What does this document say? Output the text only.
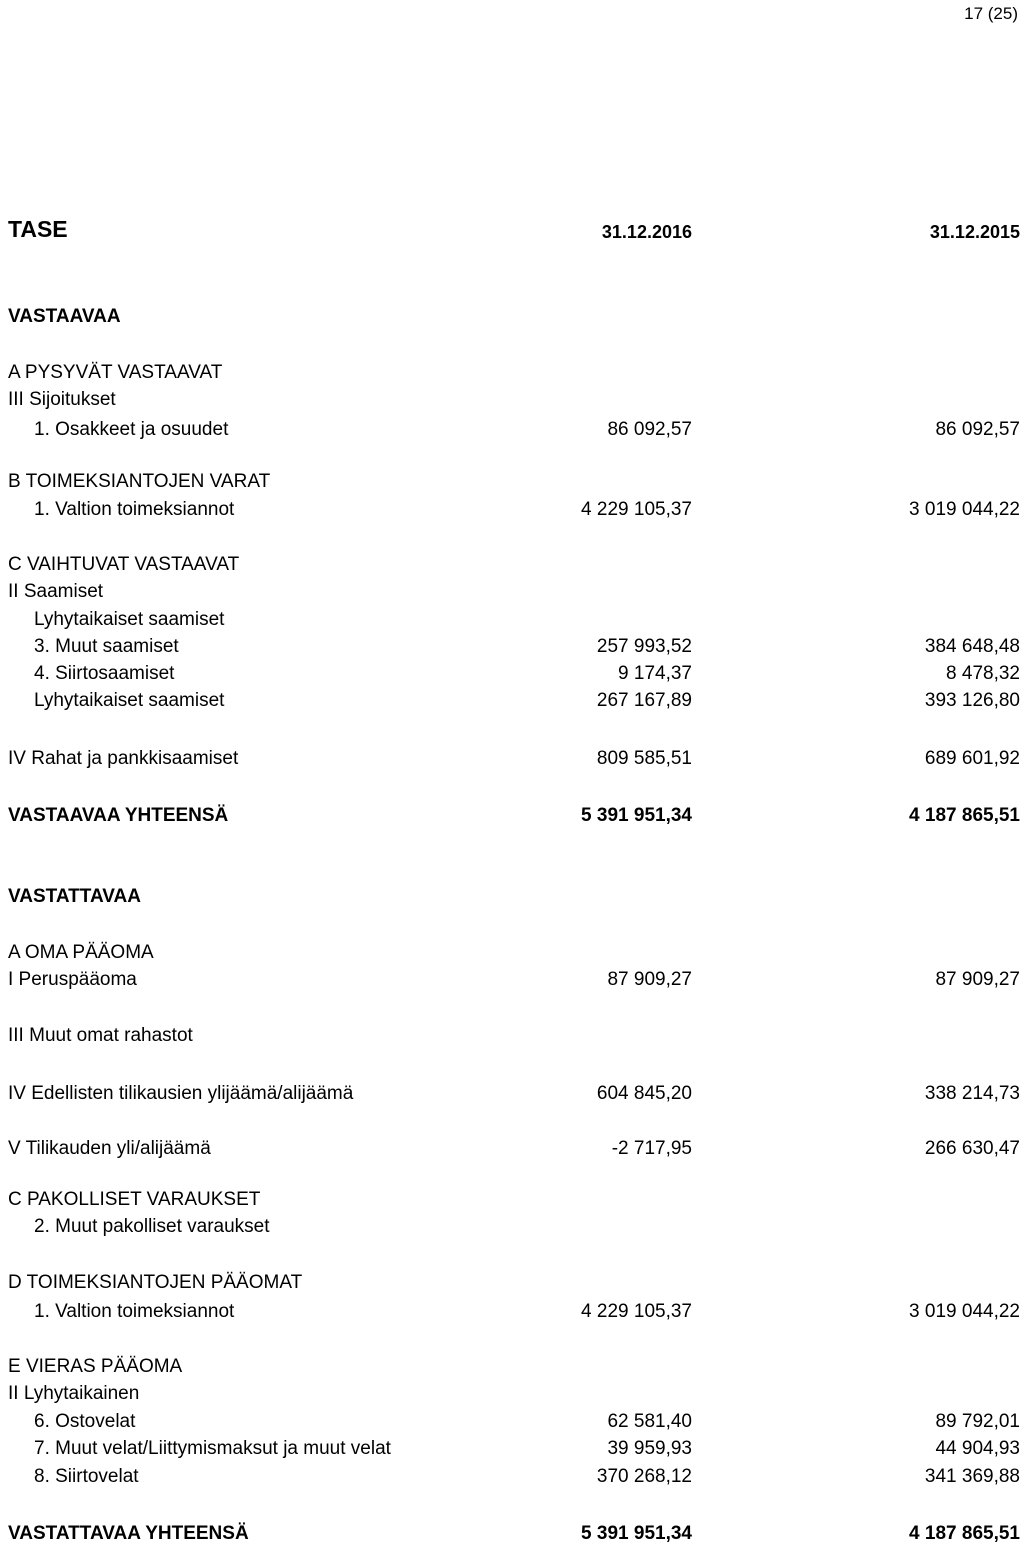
17 (25)
TASE	31.12.2016	31.12.2015
VASTAAVAA
A PYSYVÄT VASTAAVAT
III Sijoitukset
1. Osakkeet ja osuudet	86 092,57	86 092,57
B TOIMEKSIANTOJEN VARAT
1. Valtion toimeksiannot	4 229 105,37	3 019 044,22
C VAIHTUVAT VASTAAVAT
II Saamiset
Lyhytaikaiset saamiset
3. Muut saamiset	257 993,52	384 648,48
4. Siirtosaamiset	9 174,37	8 478,32
Lyhytaikaiset saamiset	267 167,89	393 126,80
IV Rahat ja pankkisaamiset	809 585,51	689 601,92
VASTAAVAA YHTEENSÄ	5 391 951,34	4 187 865,51
VASTATTAVAA
A OMA PÄÄOMA
I Peruspääoma	87 909,27	87 909,27
III Muut omat rahastot
IV Edellisten tilikausien ylijäämä/alijäämä	604 845,20	338 214,73
V Tilikauden yli/alijäämä	-2 717,95	266 630,47
C PAKOLLISET VARAUKSET
2. Muut pakolliset varaukset
D TOIMEKSIANTOJEN PÄÄOMAT
1. Valtion toimeksiannot	4 229 105,37	3 019 044,22
E VIERAS PÄÄOMA
II Lyhytaikainen
6. Ostovelat	62 581,40	89 792,01
7. Muut velat/Liittymismaksut ja muut velat	39 959,93	44 904,93
8. Siirtovelat	370 268,12	341 369,88
VASTATTAVAA YHTEENSÄ	5 391 951,34	4 187 865,51
